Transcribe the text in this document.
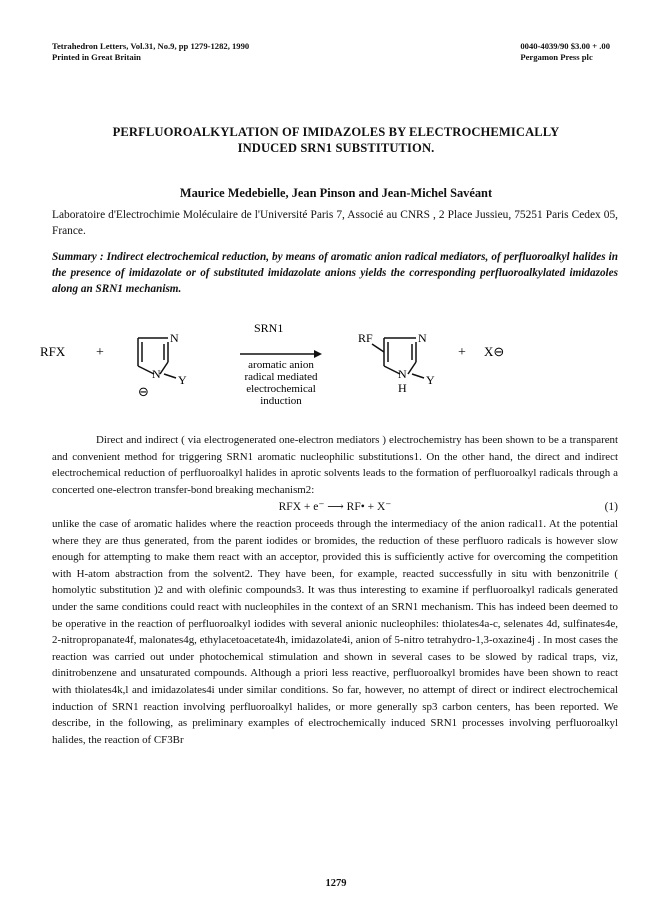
Tetrahedron Letters, Vol.31, No.9, pp 1279-1282, 1990
Printed in Great Britain
0040-4039/90 $3.00 + .00
Pergamon Press plc
PERFLUOROALKYLATION OF IMIDAZOLES BY ELECTROCHEMICALLY
INDUCED SRN1 SUBSTITUTION.
Maurice Medebielle, Jean Pinson and Jean-Michel Savéant
Laboratoire d'Electrochimie Moléculaire de l'Université Paris 7, Associé au CNRS , 2 Place Jussieu, 75251 Paris Cedex 05, France.
Summary : Indirect electrochemical reduction, by means of aromatic anion radical mediators, of perfluoroalkyl halides in the presence of imidazolate or of substituted imidazolate anions yields the corresponding perfluoroalkylated imidazoles along an SRN1 mechanism.
RFX +
N
N Y
⊖
SRN1
aromatic anion
radical mediated
electrochemical
induction
RF	N
N
H
Y
+ X⊖

Direct and indirect ( via electrogenerated one-electron mediators ) electrochemistry has been shown to be a transparent and convenient method for triggering SRN1 aromatic nucleophilic substitutions1. On the other hand, the direct and indirect electrochemical reduction of perfluoroalkyl halides in aprotic solvents leads to the formation of perfluoroalkyl radicals through a concerted one-electron transfer-bond breaking mechanism2:

RFX + e⁻ ⟶ RF• + X⁻	(1)

unlike the case of aromatic halides where the reaction proceeds through the intermediacy of the anion radical1. At the potential where they are thus generated, from the parent iodides or bromides, the reduction of these perfluoro radicals is however slow enough for attempting to make them react with an acceptor, provided this is sufficiently active for overcoming the competition with H-atom abstraction from the solvent2. They have been, for example, reacted successfully in situ with benzonitrile ( homolytic substitution )2 and with olefinic compounds3. It was thus interesting to examine if perfluoroalkyl radicals generated under the same conditions could react with nucleophiles in the context of an SRN1 mechanism. This has indeed been deemed to be operative in the reaction of perfluoroalkyl iodides with several anionic nucleophiles: thiolates4a-c, selenates 4d, sulfinates4e, 2-nitropropanate4f, malonates4g, ethylacetoacetate4h, imidazolate4i, anion of 5-nitro tetrahydro-1,3-oxazine4j . In most cases the reaction was carried out under photochemical stimulation and shown in several cases to be slowed by radical traps, viz, dinitrobenzene and unsaturated compounds. Although a priori less reactive, perfluoroalkyl bromides have been shown to react with thiolates4k,l and imidazolates4i under similar conditions. So far, however, no attempt of direct or indirect electrochemical induction of SRN1 reaction involving perfluoroalkyl halides, or more generally sp3 carbon centers, has been reported. We describe, in the following, as preliminary examples of electrochemically induced SRN1 processes involving perfluoroalkyl halides, the reaction of CF3Br

1279
